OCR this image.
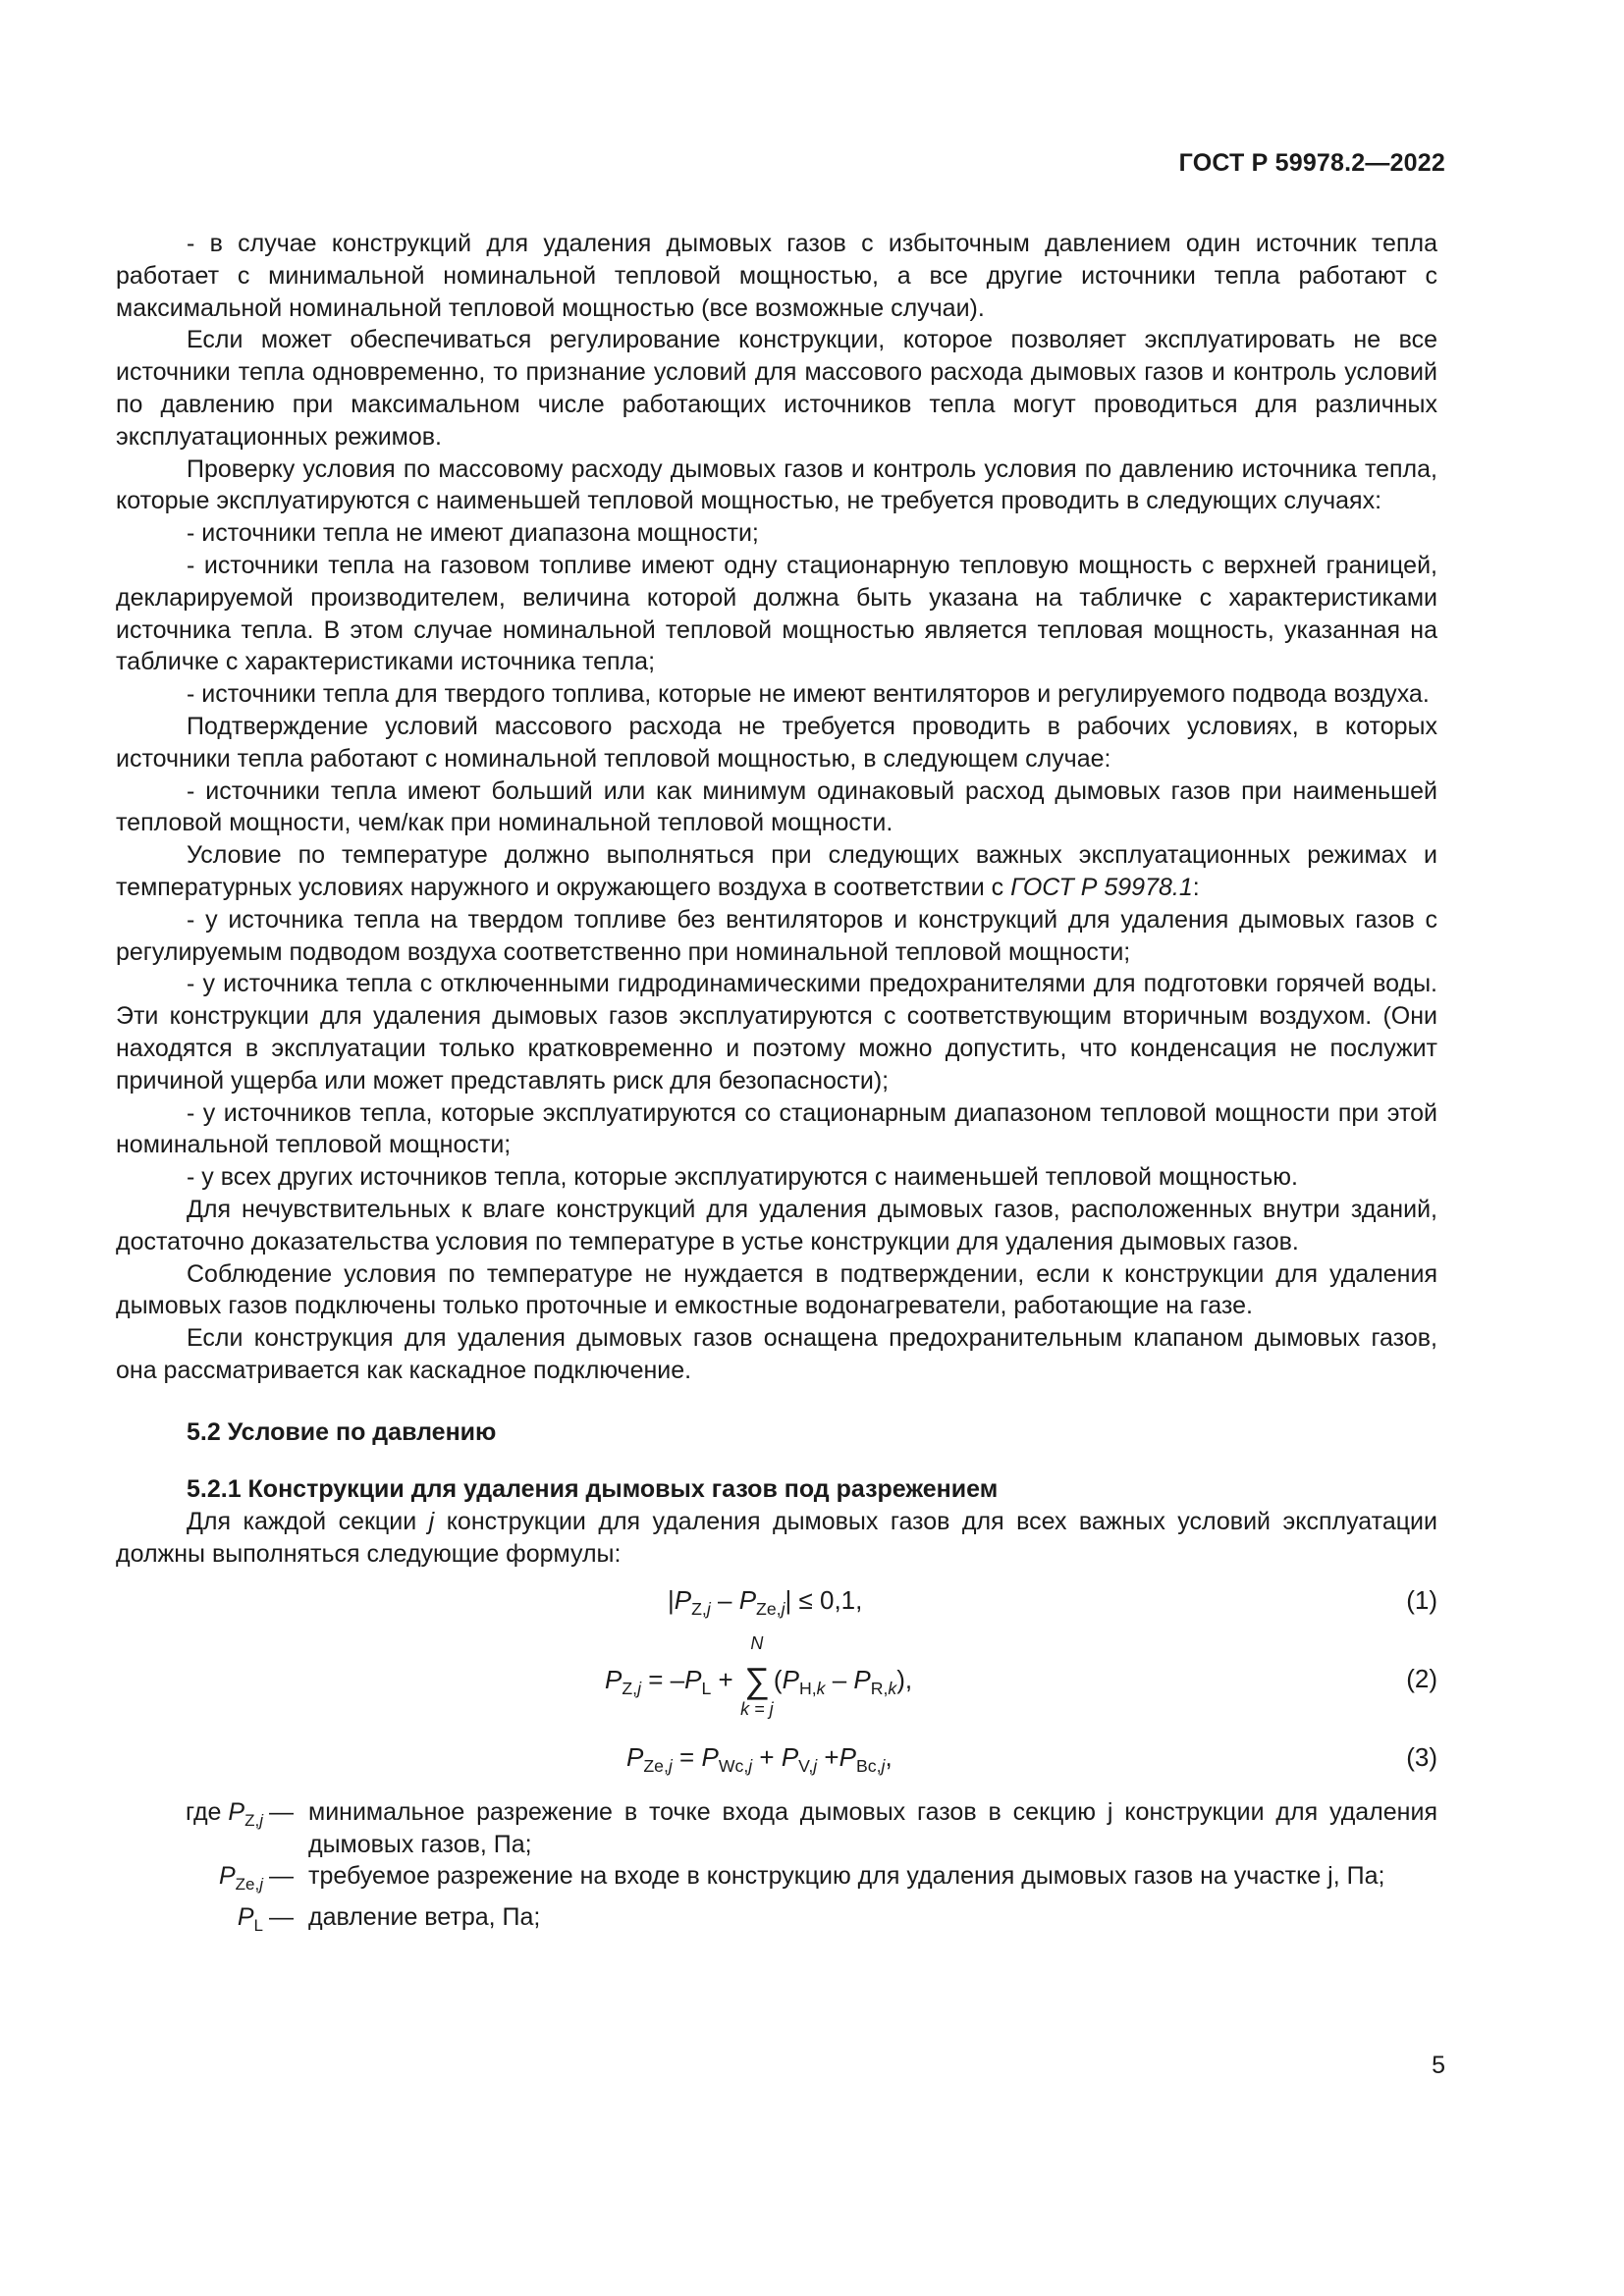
ГОСТ Р 59978.2—2022

- в случае конструкций для удаления дымовых газов с избыточным давлением один источник тепла работает с минимальной номинальной тепловой мощностью, а все другие источники тепла работают с максимальной номинальной тепловой мощностью (все возможные случаи).

Если может обеспечиваться регулирование конструкции, которое позволяет эксплуатировать не все источники тепла одновременно, то признание условий для массового расхода дымовых газов и контроль условий по давлению при максимальном числе работающих источников тепла могут проводиться для различных эксплуатационных режимов.

Проверку условия по массовому расходу дымовых газов и контроль условия по давлению источника тепла, которые эксплуатируются с наименьшей тепловой мощностью, не требуется проводить в следующих случаях:

- источники тепла не имеют диапазона мощности;

- источники тепла на газовом топливе имеют одну стационарную тепловую мощность с верхней границей, декларируемой производителем, величина которой должна быть указана на табличке с характеристиками источника тепла. В этом случае номинальной тепловой мощностью является тепловая мощность, указанная на табличке с характеристиками источника тепла;

- источники тепла для твердого топлива, которые не имеют вентиляторов и регулируемого подвода воздуха.

Подтверждение условий массового расхода не требуется проводить в рабочих условиях, в которых источники тепла работают с номинальной тепловой мощностью, в следующем случае:

- источники тепла имеют больший или как минимум одинаковый расход дымовых газов при наименьшей тепловой мощности, чем/как при номинальной тепловой мощности.

Условие по температуре должно выполняться при следующих важных эксплуатационных режимах и температурных условиях наружного и окружающего воздуха в соответствии с ГОСТ Р 59978.1:

- у источника тепла на твердом топливе без вентиляторов и конструкций для удаления дымовых газов с регулируемым подводом воздуха соответственно при номинальной тепловой мощности;

- у источника тепла с отключенными гидродинамическими предохранителями для подготовки горячей воды. Эти конструкции для удаления дымовых газов эксплуатируются с соответствующим вторичным воздухом. (Они находятся в эксплуатации только кратковременно и поэтому можно допустить, что конденсация не послужит причиной ущерба или может представлять риск для безопасности);

- у источников тепла, которые эксплуатируются со стационарным диапазоном тепловой мощности при этой номинальной тепловой мощности;

- у всех других источников тепла, которые эксплуатируются с наименьшей тепловой мощностью.

Для нечувствительных к влаге конструкций для удаления дымовых газов, расположенных внутри зданий, достаточно доказательства условия по температуре в устье конструкции для удаления дымовых газов.

Соблюдение условия по температуре не нуждается в подтверждении, если к конструкции для удаления дымовых газов подключены только проточные и емкостные водонагреватели, работающие на газе.

Если конструкция для удаления дымовых газов оснащена предохранительным клапаном дымовых газов, она рассматривается как каскадное подключение.

5.2 Условие по давлению

5.2.1 Конструкции для удаления дымовых газов под разрежением

Для каждой секции j конструкции для удаления дымовых газов для всех важных условий эксплуатации должны выполняться следующие формулы:

$|P_{Z,j} - P_{Ze,j}| \le 0,1$,	(1)
$P_{Z,j} = -P_L$ +
N
∑
k = j
$(P_{H,k} - P_{R,k})$,	(2)
$P_{Ze,j} = P_{Wc,j} + P_{V,j} +P_{Bc,j}$,	(3)
где $P_{Z,j}$ — минимальное разрежение в точке входа дымовых газов в секцию j конструкции для удаления дымовых газов, Па;
$P_{Ze,j}$ — требуемое разрежение на входе в конструкцию для удаления дымовых газов на участке j, Па;
$P_L$ — давление ветра, Па;
5
